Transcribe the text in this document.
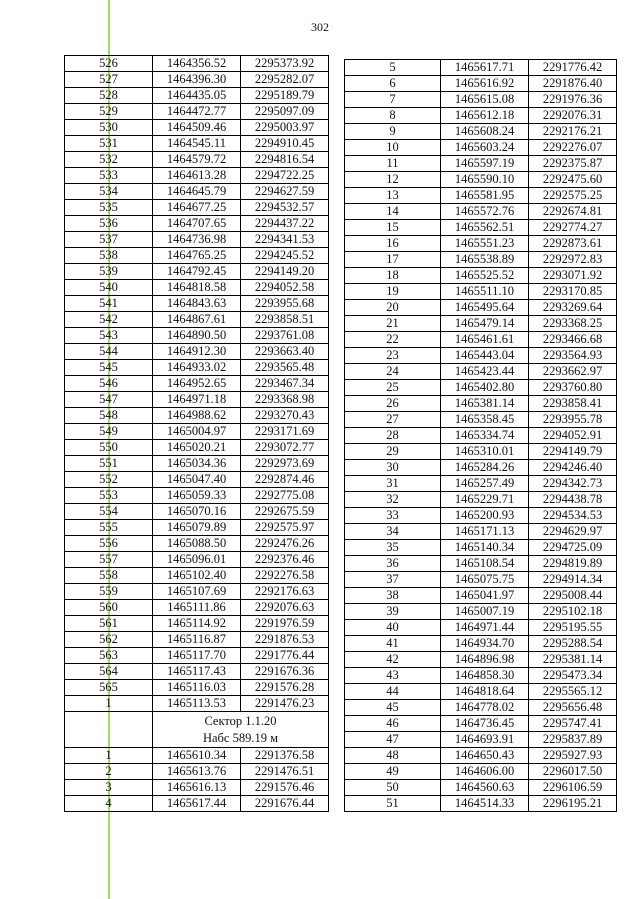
302
526	1464356.52	2295373.92
527	1464396.30	2295282.07
528	1464435.05	2295189.79
529	1464472.77	2295097.09
530	1464509.46	2295003.97
531	1464545.11	2294910.45
532	1464579.72	2294816.54
533	1464613.28	2294722.25
534	1464645.79	2294627.59
535	1464677.25	2294532.57
536	1464707.65	2294437.22
537	1464736.98	2294341.53
538	1464765.25	2294245.52
539	1464792.45	2294149.20
540	1464818.58	2294052.58
541	1464843.63	2293955.68
542	1464867.61	2293858.51
543	1464890.50	2293761.08
544	1464912.30	2293663.40
545	1464933.02	2293565.48
546	1464952.65	2293467.34
547	1464971.18	2293368.98
548	1464988.62	2293270.43
549	1465004.97	2293171.69
550	1465020.21	2293072.77
551	1465034.36	2292973.69
552	1465047.40	2292874.46
553	1465059.33	2292775.08
554	1465070.16	2292675.59
555	1465079.89	2292575.97
556	1465088.50	2292476.26
557	1465096.01	2292376.46
558	1465102.40	2292276.58
559	1465107.69	2292176.63
560	1465111.86	2292076.63
561	1465114.92	2291976.59
562	1465116.87	2291876.53
563	1465117.70	2291776.44
564	1465117.43	2291676.36
565	1465116.03	2291576.28
1	1465113.53	2291476.23

	Сектор 1.1.20
Набс 589.19 м	

1	1465610.34	2291376.58
2	1465613.76	2291476.51
3	1465616.13	2291576.46
4	1465617.44	2291676.44
5	1465617.71	2291776.42
6	1465616.92	2291876.40
7	1465615.08	2291976.36
8	1465612.18	2292076.31
9	1465608.24	2292176.21
10	1465603.24	2292276.07
11	1465597.19	2292375.87
12	1465590.10	2292475.60
13	1465581.95	2292575.25
14	1465572.76	2292674.81
15	1465562.51	2292774.27
16	1465551.23	2292873.61
17	1465538.89	2292972.83
18	1465525.52	2293071.92
19	1465511.10	2293170.85
20	1465495.64	2293269.64
21	1465479.14	2293368.25
22	1465461.61	2293466.68
23	1465443.04	2293564.93
24	1465423.44	2293662.97
25	1465402.80	2293760.80
26	1465381.14	2293858.41
27	1465358.45	2293955.78
28	1465334.74	2294052.91
29	1465310.01	2294149.79
30	1465284.26	2294246.40
31	1465257.49	2294342.73
32	1465229.71	2294438.78
33	1465200.93	2294534.53
34	1465171.13	2294629.97
35	1465140.34	2294725.09
36	1465108.54	2294819.89
37	1465075.75	2294914.34
38	1465041.97	2295008.44
39	1465007.19	2295102.18
40	1464971.44	2295195.55
41	1464934.70	2295288.54
42	1464896.98	2295381.14
43	1464858.30	2295473.34
44	1464818.64	2295565.12
45	1464778.02	2295656.48
46	1464736.45	2295747.41
47	1464693.91	2295837.89
48	1464650.43	2295927.93
49	1464606.00	2296017.50
50	1464560.63	2296106.59
51	1464514.33	2296195.21
